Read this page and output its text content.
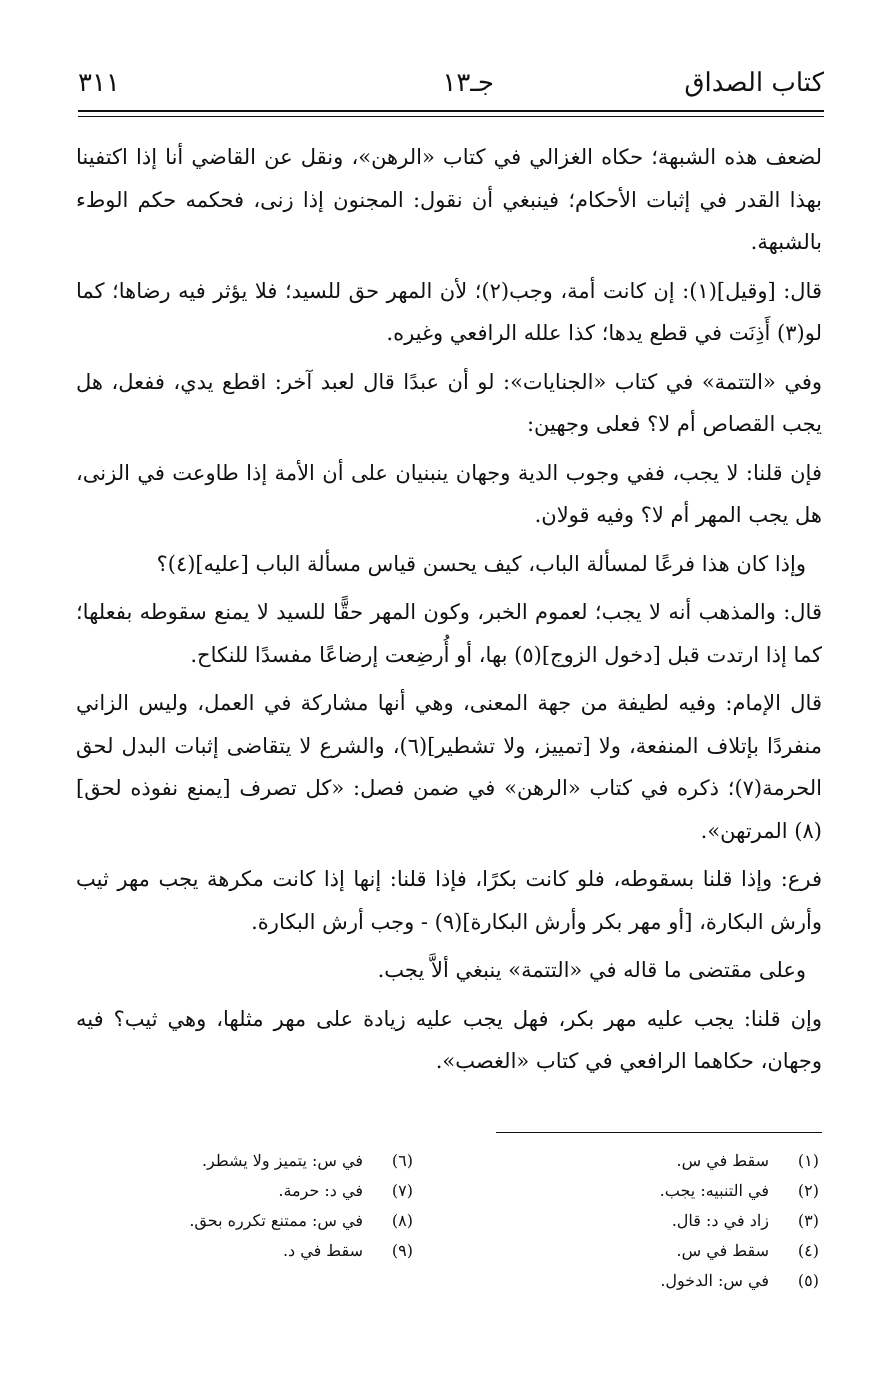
كتاب الصداق
جـ١٣
٣١١

لضعف هذه الشبهة؛ حكاه الغزالي في كتاب «الرهن»، ونقل عن القاضي أنا إذا اكتفينا بهذا القدر في إثبات الأحكام؛ فينبغي أن نقول: المجنون إذا زنى، فحكمه حكم الوطء بالشبهة.

قال: [وقيل](١): إن كانت أمة، وجب(٢)؛ لأن المهر حق للسيد؛ فلا يؤثر فيه رضاها؛ كما لو(٣) أَذِنَت في قطع يدها؛ كذا علله الرافعي وغيره.

وفي «التتمة» في كتاب «الجنايات»: لو أن عبدًا قال لعبد آخر: اقطع يدي، ففعل، هل يجب القصاص أم لا؟ فعلى وجهين:

فإن قلنا: لا يجب، ففي وجوب الدية وجهان ينبنيان على أن الأمة إذا طاوعت في الزنى، هل يجب المهر أم لا؟ وفيه قولان.

وإذا كان هذا فرعًا لمسألة الباب، كيف يحسن قياس مسألة الباب [عليه](٤)؟

قال: والمذهب أنه لا يجب؛ لعموم الخبر، وكون المهر حقًّا للسيد لا يمنع سقوطه بفعلها؛ كما إذا ارتدت قبل [دخول الزوج](٥) بها، أو أُرضِعت إرضاعًا مفسدًا للنكاح.

قال الإمام: وفيه لطيفة من جهة المعنى، وهي أنها مشاركة في العمل، وليس الزاني منفردًا بإتلاف المنفعة، ولا [تمييز، ولا تشطير](٦)، والشرع لا يتقاضى إثبات البدل لحق الحرمة(٧)؛ ذكره في كتاب «الرهن» في ضمن فصل: «كل تصرف [يمنع نفوذه لحق](٨) المرتهن».

فرع: وإذا قلنا بسقوطه، فلو كانت بكرًا، فإذا قلنا: إنها إذا كانت مكرهة يجب مهر ثيب وأرش البكارة، [أو مهر بكر وأرش البكارة](٩) - وجب أرش البكارة.

وعلى مقتضى ما قاله في «التتمة» ينبغي ألاَّ يجب.

وإن قلنا: يجب عليه مهر بكر، فهل يجب عليه زيادة على مهر مثلها، وهي ثيب؟ فيه وجهان، حكاهما الرافعي في كتاب «الغصب».

(١)
سقط في س.
(٢)
في التنبيه: يجب.
(٣)
زاد في د: قال.
(٤)
سقط في س.
(٥)
في س: الدخول.
(٦)
في س: يتميز ولا يشطر.
(٧)
في د: حرمة.
(٨)
في س: ممتنع تكرره بحق.
(٩)
سقط في د.
